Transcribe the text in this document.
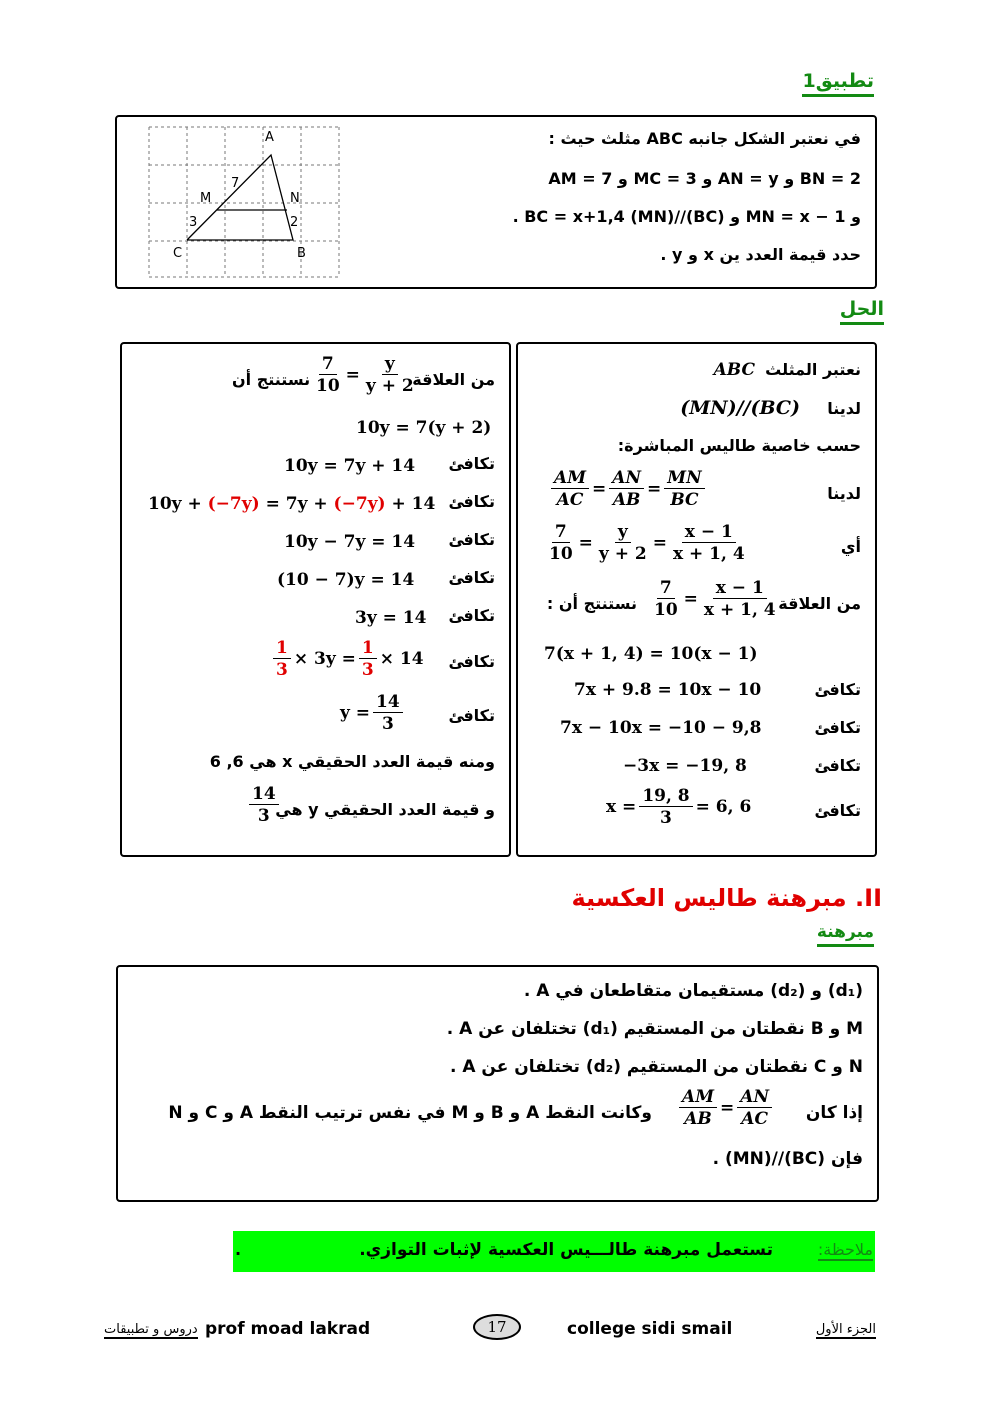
تطبيق1
A
C	B
M	N
7
3	2
في نعتبر الشكل جانبه ABC مثلث حيث :
BN = 2 و AN = y و MC = 3 و AM = 7
و MN = x − 1 و BC = x+1,4 (MN)//(BC) .
حدد قيمة العدد ين x و y .
الحل
نعتبر المثلث
ABC
لدينا
(MN)//(BC)
حسب خاصية طاليس المباشرة:
لدينا
$\frac{AM}{AC} = \frac{AN}{AB} = \frac{MN}{BC}$
أي
$\frac{7}{10} = \frac{y}{y + 2} = \frac{x - 1}{x + 1, 4}$
من العلاقة
$\frac{7}{10} = \frac{x - 1}{x + 1, 4}$
نستنتج أن :
7(x + 1, 4) = 10(x − 1)
تكافئ
7x + 9.8 = 10x − 10
تكافئ
7x − 10x = −10 − 9,8
تكافئ
−3x = −19, 8
تكافئ
$x = \frac{19, 8}{3} = 6$, 6
من العلاقة
$\frac{7}{10} = \frac{y}{y + 2}$
نستنتج أن
10y = 7(y + 2)
تكافئ
10y = 7y + 14
تكافئ
10y + (−7y) = 7y + (−7y) + 14
تكافئ
10y − 7y = 14
تكافئ
(10 − 7)y = 14
تكافئ
3y = 14
تكافئ
$\frac{1}{3} \times 3y = \frac{1}{3} \times 14$
تكافئ
$y = \frac{14}{3}$
ومنه قيمة العدد الحقيقي x هي 6, 6
و قيمة العدد الحقيقي y هي
$\frac{14}{3}$
.II مبرهنة طاليس العكسية
مبرهنة
(d₁) و (d₂) مستقيمان متقاطعان في A .
M و B نقطتان من المستقيم (d₁) تختلفان عن A .
N و C نقطتان من المستقيم (d₂) تختلفان عن A .
إذا كان
$\frac{AM}{AB} = \frac{AN}{AC}$
وكانت النقط A و B و M في نفس ترتيب النقط A و C و N
فإن (BC)//(MN) .
ملاحظة:
تستعمل مبرهنة طالـــيس العكسية لإثبات التوازي.
.
دروس و تطبيقات prof moad lakrad	17	college sidi smail	الجزء الأول
